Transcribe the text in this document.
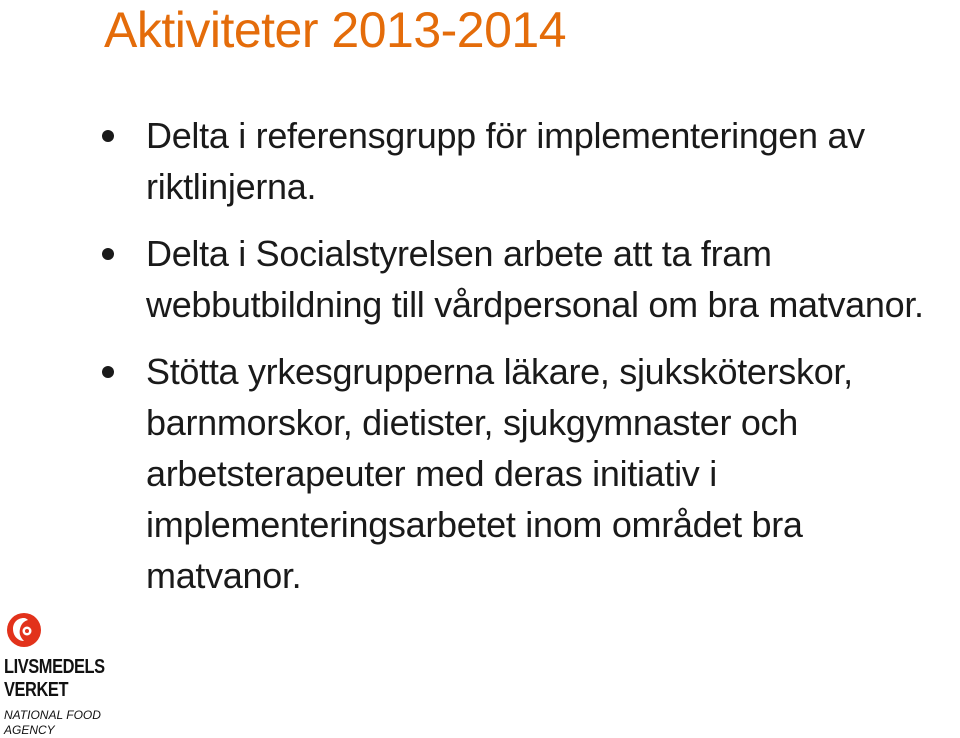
Aktiviteter 2013-2014
Delta i referensgrupp för implementeringen av riktlinjerna.
Delta i Socialstyrelsen arbete att ta fram webbutbildning till vårdpersonal om bra matvanor.
Stötta yrkesgrupperna läkare, sjuksköterskor, barnmorskor, dietister, sjukgymnaster och arbetsterapeuter med deras initiativ i implementeringsarbetet inom området bra matvanor.
LIVSMEDELS
VERKET
NATIONAL FOOD
AGENCY
